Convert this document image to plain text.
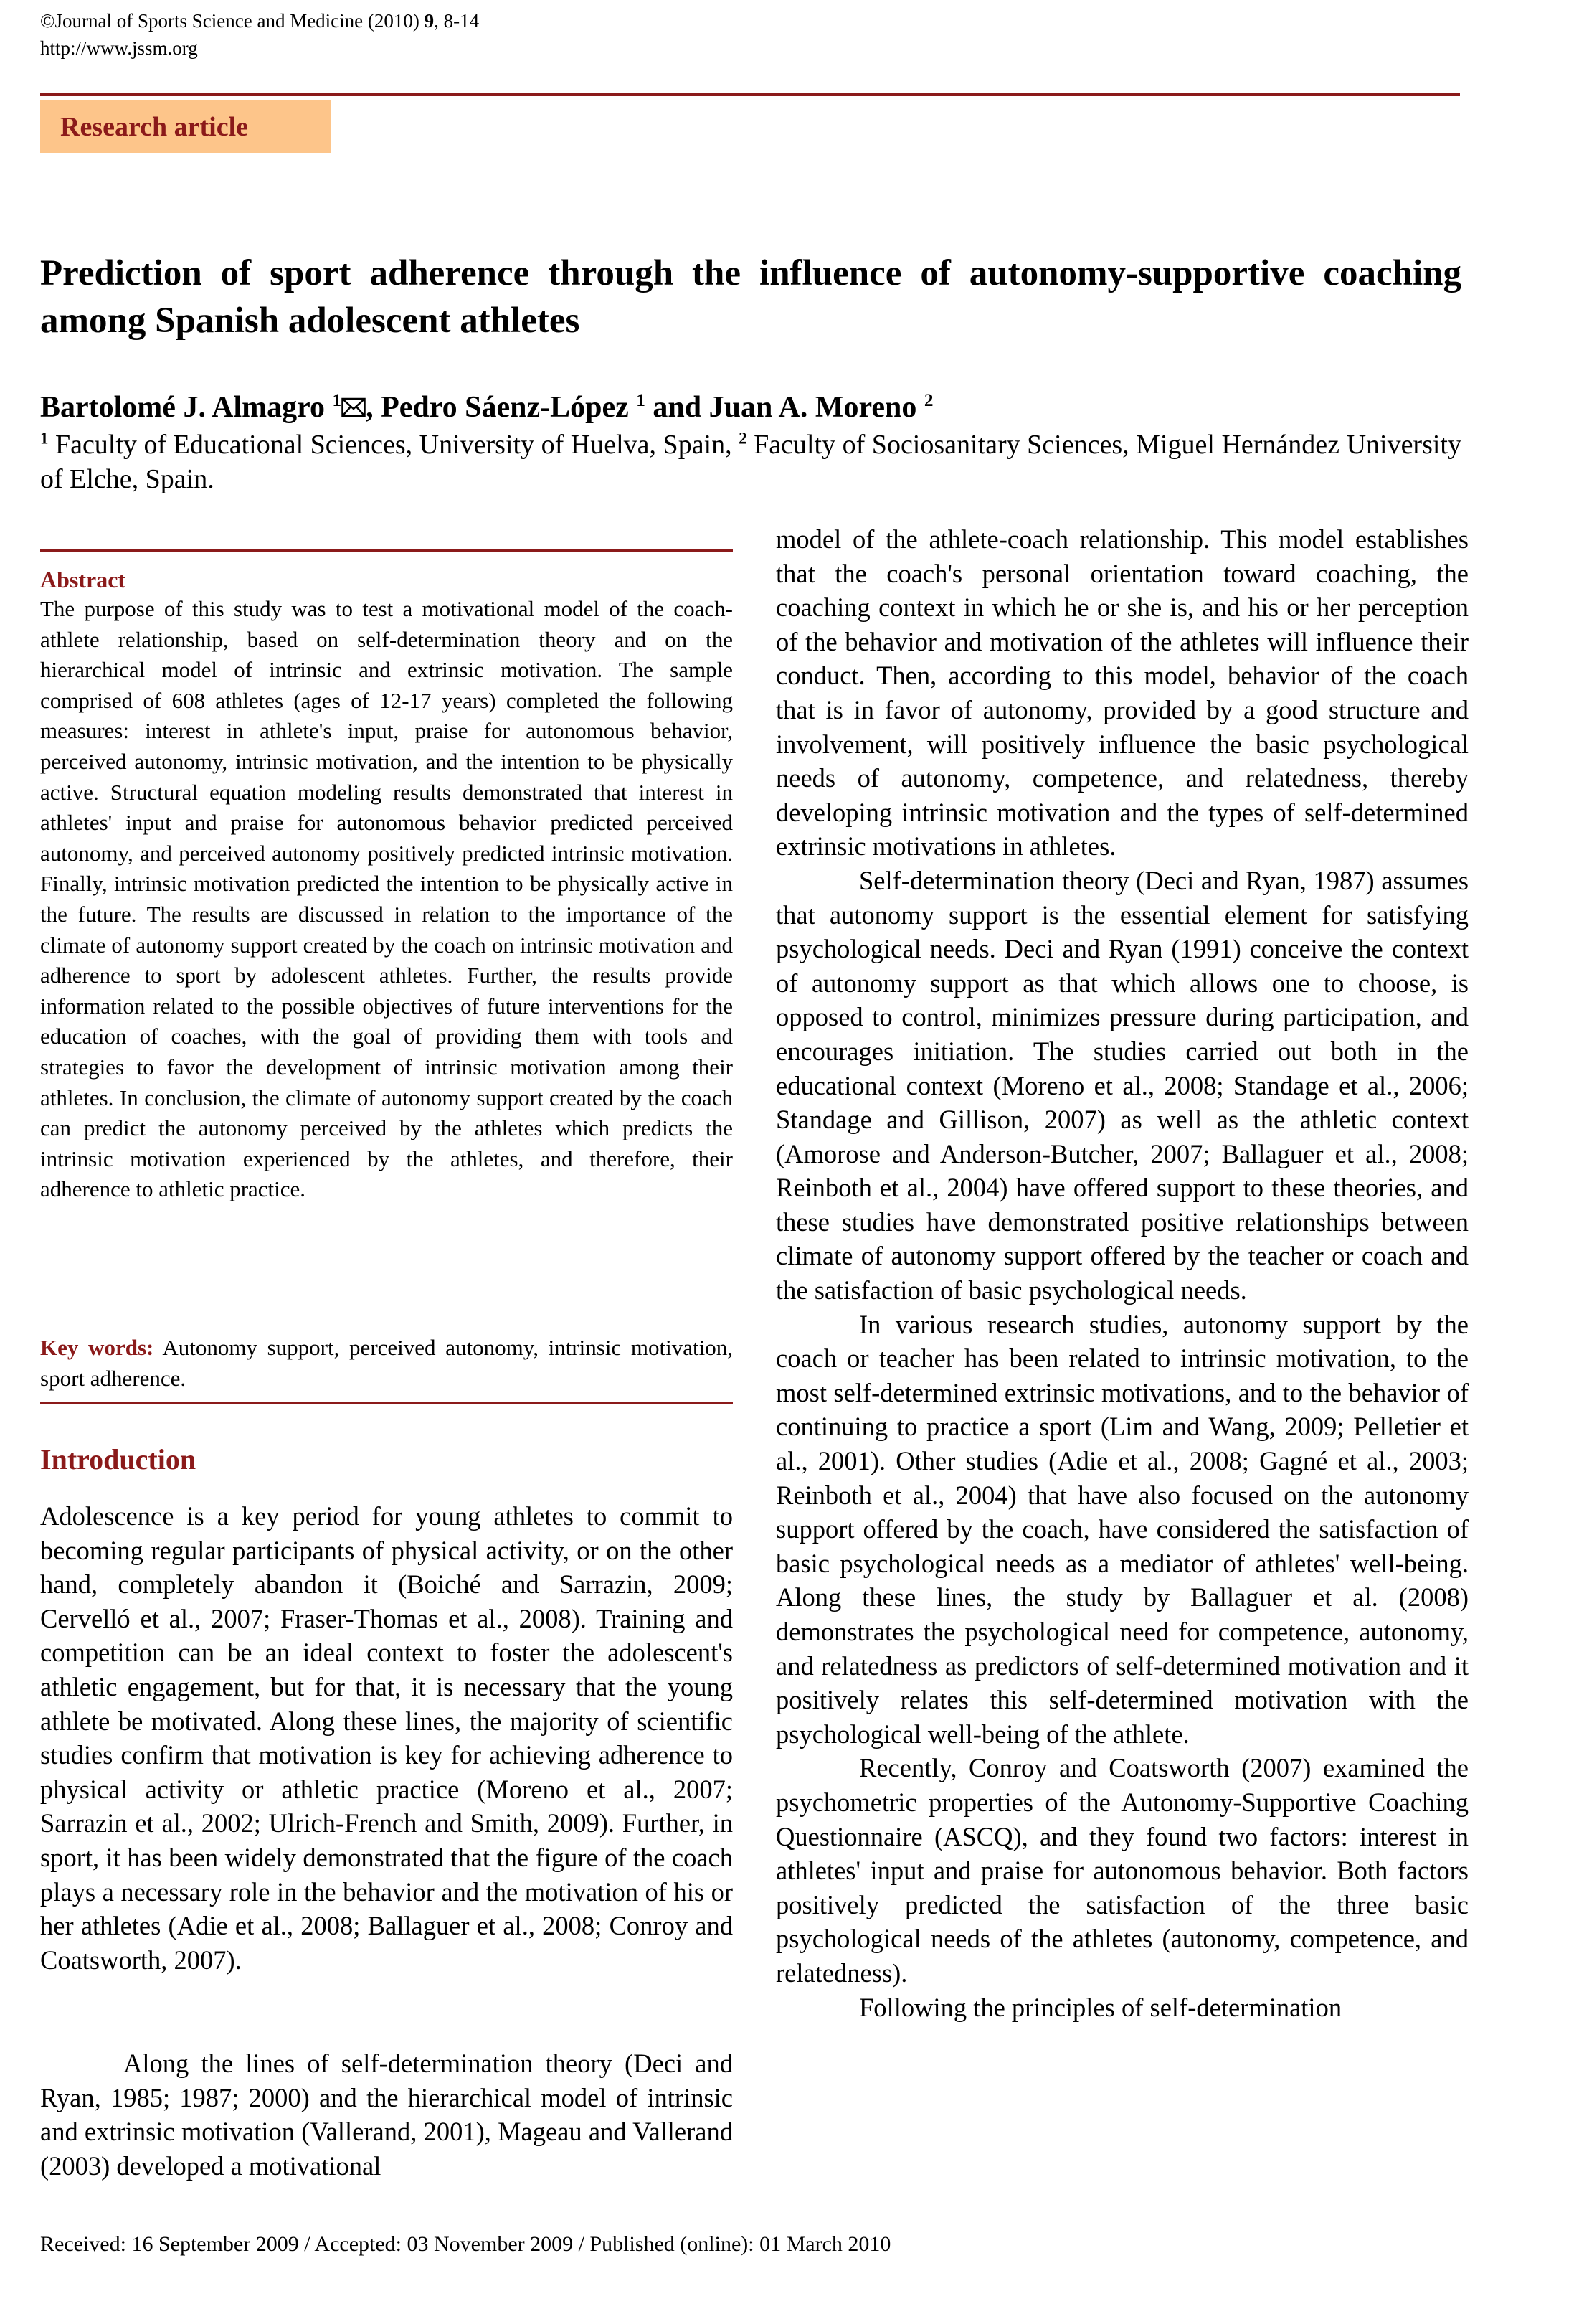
©Journal of Sports Science and Medicine (2010) 9, 8-14
http://www.jssm.org
Research article
Prediction of sport adherence through the influence of autonomy-supportive coaching among Spanish adolescent athletes
Bartolomé J. Almagro $^1$ , Pedro Sáenz-López $^1$ and Juan A. Moreno $^2$
$^1$ Faculty of Educational Sciences, University of Huelva, Spain, $^2$ Faculty of Sociosanitary Sciences, Miguel Hernández University of Elche, Spain.
Abstract

The purpose of this study was to test a motivational model of the coach-athlete relationship, based on self-determination theory and on the hierarchical model of intrinsic and extrinsic motivation. The sample comprised of 608 athletes (ages of 12-17 years) completed the following measures: interest in athlete's input, praise for autonomous behavior, perceived autonomy, intrinsic motivation, and the intention to be physically active. Structural equation modeling results demonstrated that interest in athletes' input and praise for autonomous behavior predicted perceived autonomy, and perceived autonomy positively predicted intrinsic motivation. Finally, intrinsic motivation predicted the intention to be physically active in the future. The results are discussed in relation to the importance of the climate of autonomy support created by the coach on intrinsic motivation and adherence to sport by adolescent athletes. Further, the results provide information related to the possible objectives of future interventions for the education of coaches, with the goal of providing them with tools and strategies to favor the development of intrinsic motivation among their athletes. In conclusion, the climate of autonomy support created by the coach can predict the autonomy perceived by the athletes which predicts the intrinsic motivation experienced by the athletes, and therefore, their adherence to athletic practice.

Key words: Autonomy support, perceived autonomy, intrinsic motivation, sport adherence.

Introduction

Adolescence is a key period for young athletes to commit to becoming regular participants of physical activity, or on the other hand, completely abandon it (Boiché and Sarrazin, 2009; Cervelló et al., 2007; Fraser-Thomas et al., 2008). Training and competition can be an ideal context to foster the adolescent's athletic engagement, but for that, it is necessary that the young athlete be motivated. Along these lines, the majority of scientific studies confirm that motivation is key for achieving adherence to physical activity or athletic practice (Moreno et al., 2007; Sarrazin et al., 2002; Ulrich-French and Smith, 2009). Further, in sport, it has been widely demonstrated that the figure of the coach plays a necessary role in the behavior and the motivation of his or her athletes (Adie et al., 2008; Ballaguer et al., 2008; Conroy and Coatsworth, 2007).

Along the lines of self-determination theory (Deci and Ryan, 1985; 1987; 2000) and the hierarchical model of intrinsic and extrinsic motivation (Vallerand, 2001), Mageau and Vallerand (2003) developed a motivational

model of the athlete-coach relationship. This model establishes that the coach's personal orientation toward coaching, the coaching context in which he or she is, and his or her perception of the behavior and motivation of the athletes will influence their conduct. Then, according to this model, behavior of the coach that is in favor of autonomy, provided by a good structure and involvement, will positively influence the basic psychological needs of autonomy, competence, and relatedness, thereby developing intrinsic motivation and the types of self-determined extrinsic motivations in athletes.

Self-determination theory (Deci and Ryan, 1987) assumes that autonomy support is the essential element for satisfying psychological needs. Deci and Ryan (1991) conceive the context of autonomy support as that which allows one to choose, is opposed to control, minimizes pressure during participation, and encourages initiation. The studies carried out both in the educational context (Moreno et al., 2008; Standage et al., 2006; Standage and Gillison, 2007) as well as the athletic context (Amorose and Anderson-Butcher, 2007; Ballaguer et al., 2008; Reinboth et al., 2004) have offered support to these theories, and these studies have demonstrated positive relationships between climate of autonomy support offered by the teacher or coach and the satisfaction of basic psychological needs.

In various research studies, autonomy support by the coach or teacher has been related to intrinsic motivation, to the most self-determined extrinsic motivations, and to the behavior of continuing to practice a sport (Lim and Wang, 2009; Pelletier et al., 2001). Other studies (Adie et al., 2008; Gagné et al., 2003; Reinboth et al., 2004) that have also focused on the autonomy support offered by the coach, have considered the satisfaction of basic psychological needs as a mediator of athletes' well-being. Along these lines, the study by Ballaguer et al. (2008) demonstrates the psychological need for competence, autonomy, and relatedness as predictors of self-determined motivation and it positively relates this self-determined motivation with the psychological well-being of the athlete.

Recently, Conroy and Coatsworth (2007) examined the psychometric properties of the Autonomy-Supportive Coaching Questionnaire (ASCQ), and they found two factors: interest in athletes' input and praise for autonomous behavior. Both factors positively predicted the satisfaction of the three basic psychological needs of the athletes (autonomy, competence, and relatedness).

Following the principles of self-determination

Received: 16 September 2009 / Accepted: 03 November 2009 / Published (online): 01 March 2010
